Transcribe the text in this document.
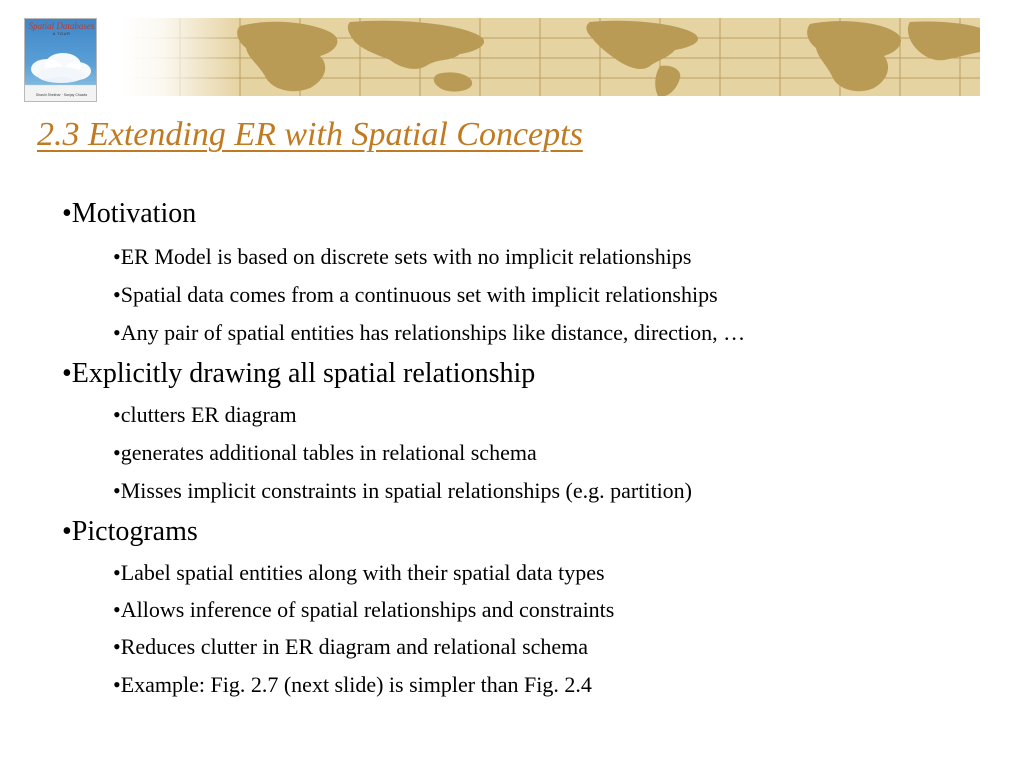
Spatial Databases
A TOUR
Shashi Shekhar · Sanjay Chawla
2.3 Extending ER with Spatial Concepts
•Motivation
•ER Model is based on discrete sets with no implicit relationships
•Spatial data comes from a continuous set with implicit relationships
•Any pair of spatial entities has relationships like distance, direction, …
•Explicitly drawing all spatial relationship
•clutters ER diagram
•generates additional tables in relational schema
•Misses implicit constraints in spatial relationships (e.g. partition)
•Pictograms
•Label spatial entities along with their spatial data types
•Allows inference of spatial relationships and constraints
•Reduces clutter in ER diagram and relational schema
•Example: Fig. 2.7 (next slide) is simpler than Fig. 2.4
